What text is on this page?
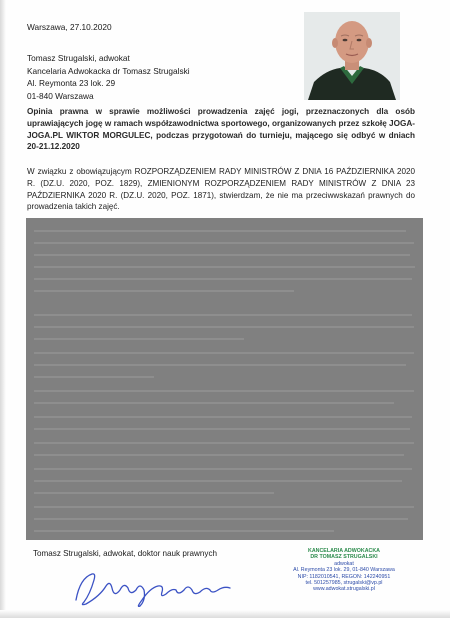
Warszawa, 27.10.2020
Tomasz Strugalski, adwokat
Kancelaria Adwokacka dr Tomasz Strugalski
Al. Reymonta 23 lok. 29
01-840 Warszawa
Opinia prawna w sprawie możliwości prowadzenia zajęć jogi, przeznaczonych dla osób uprawiających jogę w ramach współzawodnictwa sportowego, organizowanych przez szkołę JOGA-JOGA.PL WIKTOR MORGULEC, podczas przygotowań do turnieju, mającego się odbyć w dniach 20-21.12.2020
W związku z obowiązującym ROZPORZĄDZENIEM RADY MINISTRÓW Z DNIA 16 PAŹDZIERNIKA 2020 R. (DZ.U. 2020, POZ. 1829), ZMIENIONYM ROZPORZĄDZENIEM RADY MINISTRÓW Z DNIA 23 PAŹDZIERNIKA 2020 R. (DZ.U. 2020, POZ. 1871), stwierdzam, że nie ma przeciwwskazań prawnych do prowadzenia takich zajęć.
Tomasz Strugalski, adwokat, doktor nauk prawnych	KANCELARIA ADWOKACKA
DR TOMASZ STRUGALSKI
adwokat
Al. Reymonta 23 lok. 29, 01-840 Warszawa
NIP: 1182010541, REGON: 142240951
tel. 501257985, strugalski@vp.pl
www.adwokat.strugalski.pl
